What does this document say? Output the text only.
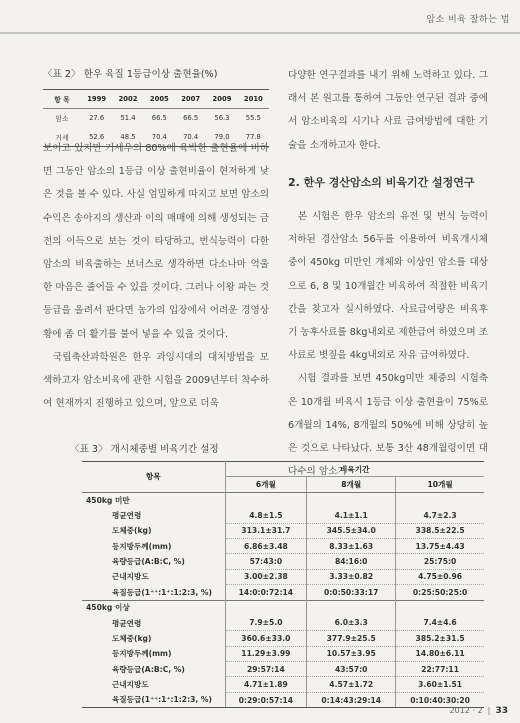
암소 비육 잘하는 법
〈표 2〉 한우 육질 1등급이상 출현율(%)
항 목	1999	2002	2005	2007	2009	2010
암소	27.6	51.4	66.5	66.5	56.3	55.5
거세	52.6	48.5	70.4	70.4	79.0	77.8

보이고 있지만 거세우의 80%에 육박한 출현율에 비하면 그동안 암소의 1등급 이상 출현비율이 현저하게 낮은 것을 볼 수 있다. 사실 엄밀하게 따지고 보면 암소의 수익은 송아지의 생산과 이의 매매에 의해 생성되는 금전의 이득으로 보는 것이 타당하고, 번식능력이 다한 암소의 비육출하는 보너스로 생각하면 다소나마 억울한 마음은 줄어들 수 있을 것이다. 그러나 이왕 파는 것 등급을 올려서 판다면 농가의 입장에서 어려운 경영상황에 좀 더 활기를 불어 넣을 수 있을 것이다.

국립축산과학원은 한우 과잉시대의 대처방법을 모색하고자 암소비육에 관한 시험을 2009년부터 착수하여 현재까지 진행하고 있으며, 앞으로 더욱

다양한 연구결과를 내기 위해 노력하고 있다. 그래서 본 원고를 통하여 그동안 연구된 결과 중에서 암소비육의 시기나 사료 급여방법에 대한 기술을 소개하고자 한다.

2. 한우 경산암소의 비육기간 설정연구

본 시험은 한우 암소의 유전 및 번식 능력이 저하된 경산암소 56두를 이용하여 비육개시체중이 450kg 미만인 개체와 이상인 암소를 대상으로 6, 8 및 10개월간 비육하여 적절한 비육기간을 찾고자 실시하였다. 사료급여량은 비육후기 농후사료를 8kg내외로 제한급여 하였으며 조사료로 볏짚을 4kg내외로 자유 급여하였다.

시험 결과를 보면 450kg미만 체중의 시험축은 10개월 비육시 1등급 이상 출현율이 75%로 6개월의 14%, 8개월의 50%에 비해 상당히 높은 것으로 나타났다. 보통 3산 48개월령이면 대다수의 암소가

〈표 3〉 개시체중별 비육기간 설정
항목	비육기간		
	6개월	8개월	10개월
450kg 미만			
평균연령	4.8±1.5	4.1±1.1	4.7±2.3
도체중(kg)	313.1±31.7	345.5±34.0	338.5±22.5
등지방두께(mm)	6.86±3.48	8.33±1.63	13.75±4.43
육량등급(A:B:C, %)	57:43:0	84:16:0	25:75:0
근내지방도	3.00±2.38	3.33±0.82	4.75±0.96
육질등급(1⁺⁺:1⁺:1:2:3, %)	14:0:0:72:14	0:0:50:33:17	0:25:50:25:0
450kg 이상			
평균연령	7.9±5.0	6.0±3.3	7.4±4.6
도체중(kg)	360.6±33.0	377.9±25.5	385.2±31.5
등지방두께(mm)	11.29±3.99	10.57±3.95	14.80±6.11
육량등급(A:B:C, %)	29:57:14	43:57:0	22:77:11
근내지방도	4.71±1.89	4.57±1.72	3.60±1.51
육질등급(1⁺⁺:1⁺:1:2:3, %)	0:29:0:57:14	0:14:43:29:14	0:10:40:30:20
2012 · 2  |  33
